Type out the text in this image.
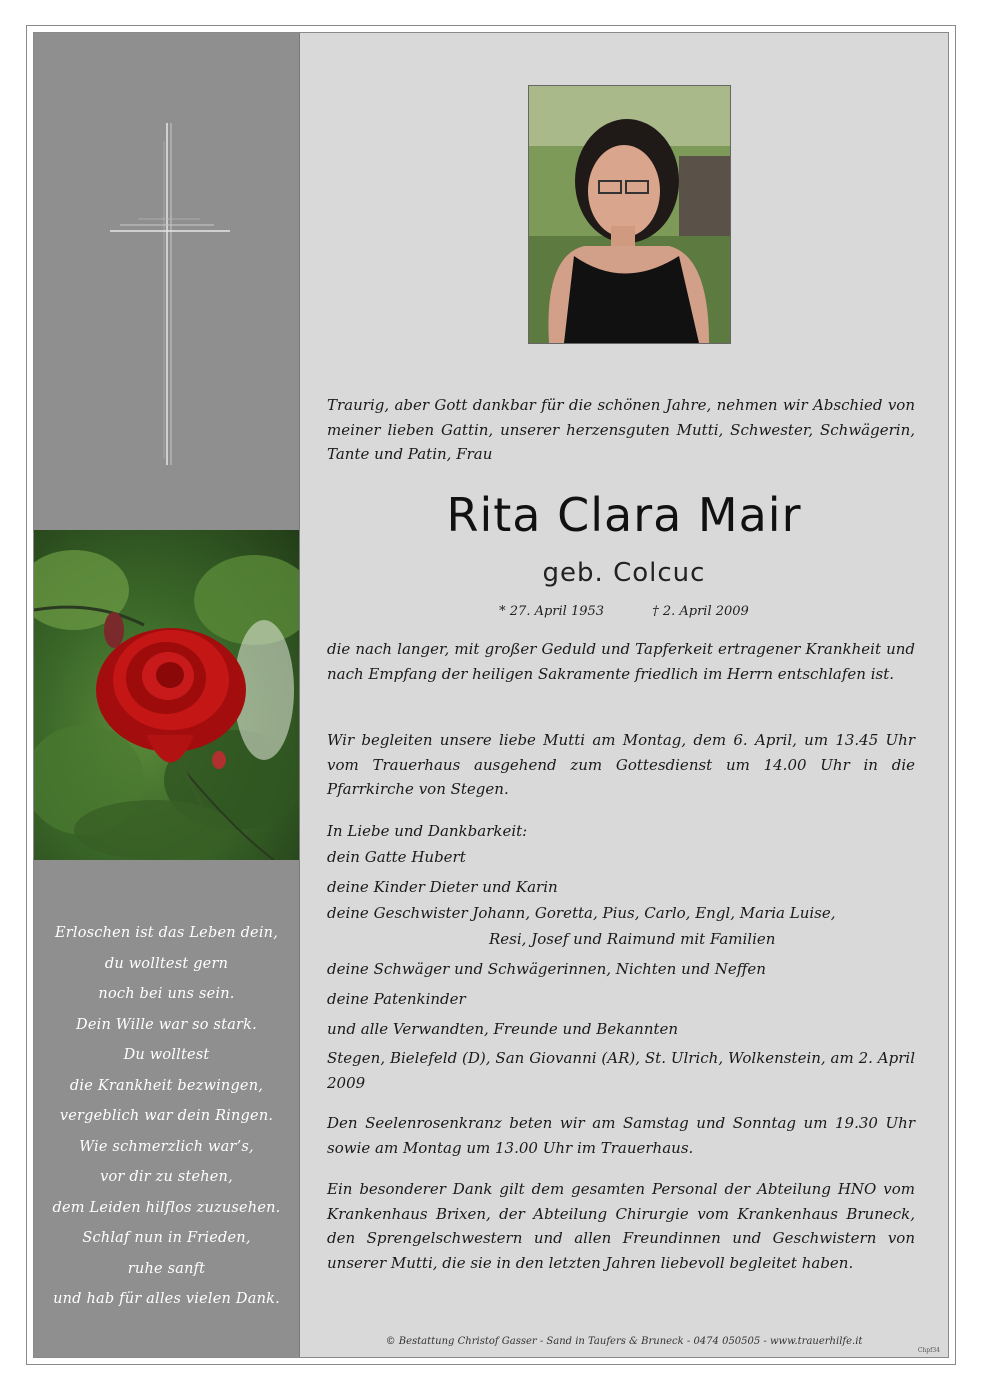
Erloschen ist das Leben dein,
du wolltest gern
noch bei uns sein.
Dein Wille war so stark.
Du wolltest
die Krankheit bezwingen,
vergeblich war dein Ringen.
Wie schmerzlich war’s,
vor dir zu stehen,
dem Leiden hilflos zuzusehen.
Schlaf nun in Frieden,
ruhe sanft
und hab für alles vielen Dank.
Traurig, aber Gott dankbar für die schönen Jahre, nehmen wir Abschied von meiner lieben Gattin, unserer herzensguten Mutti, Schwester, Schwägerin, Tante und Patin, Frau
Rita Clara Mair
geb. Colcuc
* 27. April 1953	† 2. April 2009
die nach langer, mit großer Geduld und Tapferkeit ertragener Krankheit und nach Empfang der heiligen Sakramente friedlich im Herrn entschlafen ist.
Wir begleiten unsere liebe Mutti am Montag, dem 6. April, um 13.45 Uhr vom Trauerhaus ausgehend zum Gottesdienst um 14.00 Uhr in die Pfarrkirche von Stegen.
In Liebe und Dankbarkeit:
dein Gatte Hubert
deine Kinder Dieter und Karin
deine Geschwister Johann, Goretta, Pius, Carlo, Engl, Maria Luise,
Resi, Josef und Raimund mit Familien
deine Schwäger und Schwägerinnen, Nichten und Neffen
deine Patenkinder
und alle Verwandten, Freunde und Bekannten
Stegen, Bielefeld (D), San Giovanni (AR), St. Ulrich, Wolkenstein, am 2. April 2009
Den Seelenrosenkranz beten wir am Samstag und Sonntag um 19.30 Uhr sowie am Montag um 13.00 Uhr im Trauerhaus.
Ein besonderer Dank gilt dem gesamten Personal der Abteilung HNO vom Krankenhaus Brixen, der Abteilung Chirurgie vom Krankenhaus Bruneck, den Sprengelschwestern und allen Freundinnen und Geschwistern von unserer Mutti, die sie in den letzten Jahren liebevoll begleitet haben.
© Bestattung Christof Gasser - Sand in Taufers & Bruneck - 0474 050505 - www.trauerhilfe.it
Chpf34
